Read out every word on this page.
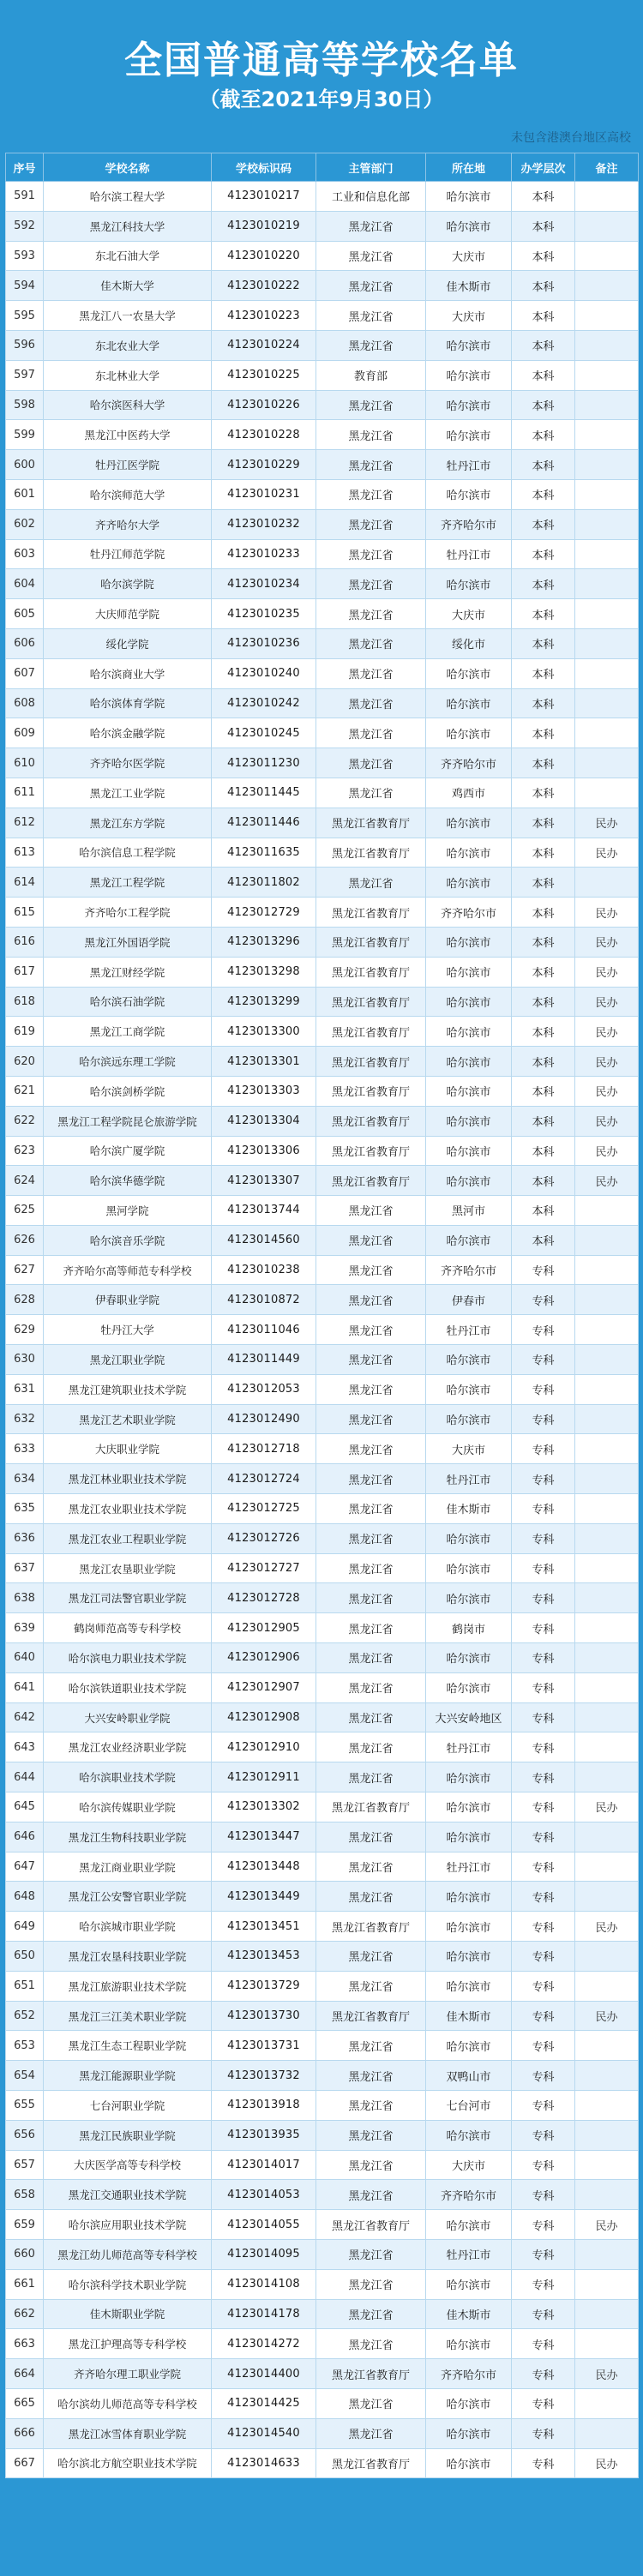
全国普通高等学校名单
（截至2021年9月30日）
未包含港澳台地区高校
序号	学校名称	学校标识码	主管部门	所在地	办学层次	备注
591	哈尔滨工程大学	4123010217	工业和信息化部	哈尔滨市	本科	
592	黑龙江科技大学	4123010219	黑龙江省	哈尔滨市	本科	
593	东北石油大学	4123010220	黑龙江省	大庆市	本科	
594	佳木斯大学	4123010222	黑龙江省	佳木斯市	本科	
595	黑龙江八一农垦大学	4123010223	黑龙江省	大庆市	本科	
596	东北农业大学	4123010224	黑龙江省	哈尔滨市	本科	
597	东北林业大学	4123010225	教育部	哈尔滨市	本科	
598	哈尔滨医科大学	4123010226	黑龙江省	哈尔滨市	本科	
599	黑龙江中医药大学	4123010228	黑龙江省	哈尔滨市	本科	
600	牡丹江医学院	4123010229	黑龙江省	牡丹江市	本科	
601	哈尔滨师范大学	4123010231	黑龙江省	哈尔滨市	本科	
602	齐齐哈尔大学	4123010232	黑龙江省	齐齐哈尔市	本科	
603	牡丹江师范学院	4123010233	黑龙江省	牡丹江市	本科	
604	哈尔滨学院	4123010234	黑龙江省	哈尔滨市	本科	
605	大庆师范学院	4123010235	黑龙江省	大庆市	本科	
606	绥化学院	4123010236	黑龙江省	绥化市	本科	
607	哈尔滨商业大学	4123010240	黑龙江省	哈尔滨市	本科	
608	哈尔滨体育学院	4123010242	黑龙江省	哈尔滨市	本科	
609	哈尔滨金融学院	4123010245	黑龙江省	哈尔滨市	本科	
610	齐齐哈尔医学院	4123011230	黑龙江省	齐齐哈尔市	本科	
611	黑龙江工业学院	4123011445	黑龙江省	鸡西市	本科	
612	黑龙江东方学院	4123011446	黑龙江省教育厅	哈尔滨市	本科	民办
613	哈尔滨信息工程学院	4123011635	黑龙江省教育厅	哈尔滨市	本科	民办
614	黑龙江工程学院	4123011802	黑龙江省	哈尔滨市	本科	
615	齐齐哈尔工程学院	4123012729	黑龙江省教育厅	齐齐哈尔市	本科	民办
616	黑龙江外国语学院	4123013296	黑龙江省教育厅	哈尔滨市	本科	民办
617	黑龙江财经学院	4123013298	黑龙江省教育厅	哈尔滨市	本科	民办
618	哈尔滨石油学院	4123013299	黑龙江省教育厅	哈尔滨市	本科	民办
619	黑龙江工商学院	4123013300	黑龙江省教育厅	哈尔滨市	本科	民办
620	哈尔滨远东理工学院	4123013301	黑龙江省教育厅	哈尔滨市	本科	民办
621	哈尔滨剑桥学院	4123013303	黑龙江省教育厅	哈尔滨市	本科	民办
622	黑龙江工程学院昆仑旅游学院	4123013304	黑龙江省教育厅	哈尔滨市	本科	民办
623	哈尔滨广厦学院	4123013306	黑龙江省教育厅	哈尔滨市	本科	民办
624	哈尔滨华德学院	4123013307	黑龙江省教育厅	哈尔滨市	本科	民办
625	黑河学院	4123013744	黑龙江省	黑河市	本科	
626	哈尔滨音乐学院	4123014560	黑龙江省	哈尔滨市	本科	
627	齐齐哈尔高等师范专科学校	4123010238	黑龙江省	齐齐哈尔市	专科	
628	伊春职业学院	4123010872	黑龙江省	伊春市	专科	
629	牡丹江大学	4123011046	黑龙江省	牡丹江市	专科	
630	黑龙江职业学院	4123011449	黑龙江省	哈尔滨市	专科	
631	黑龙江建筑职业技术学院	4123012053	黑龙江省	哈尔滨市	专科	
632	黑龙江艺术职业学院	4123012490	黑龙江省	哈尔滨市	专科	
633	大庆职业学院	4123012718	黑龙江省	大庆市	专科	
634	黑龙江林业职业技术学院	4123012724	黑龙江省	牡丹江市	专科	
635	黑龙江农业职业技术学院	4123012725	黑龙江省	佳木斯市	专科	
636	黑龙江农业工程职业学院	4123012726	黑龙江省	哈尔滨市	专科	
637	黑龙江农垦职业学院	4123012727	黑龙江省	哈尔滨市	专科	
638	黑龙江司法警官职业学院	4123012728	黑龙江省	哈尔滨市	专科	
639	鹤岗师范高等专科学校	4123012905	黑龙江省	鹤岗市	专科	
640	哈尔滨电力职业技术学院	4123012906	黑龙江省	哈尔滨市	专科	
641	哈尔滨铁道职业技术学院	4123012907	黑龙江省	哈尔滨市	专科	
642	大兴安岭职业学院	4123012908	黑龙江省	大兴安岭地区	专科	
643	黑龙江农业经济职业学院	4123012910	黑龙江省	牡丹江市	专科	
644	哈尔滨职业技术学院	4123012911	黑龙江省	哈尔滨市	专科	
645	哈尔滨传媒职业学院	4123013302	黑龙江省教育厅	哈尔滨市	专科	民办
646	黑龙江生物科技职业学院	4123013447	黑龙江省	哈尔滨市	专科	
647	黑龙江商业职业学院	4123013448	黑龙江省	牡丹江市	专科	
648	黑龙江公安警官职业学院	4123013449	黑龙江省	哈尔滨市	专科	
649	哈尔滨城市职业学院	4123013451	黑龙江省教育厅	哈尔滨市	专科	民办
650	黑龙江农垦科技职业学院	4123013453	黑龙江省	哈尔滨市	专科	
651	黑龙江旅游职业技术学院	4123013729	黑龙江省	哈尔滨市	专科	
652	黑龙江三江美术职业学院	4123013730	黑龙江省教育厅	佳木斯市	专科	民办
653	黑龙江生态工程职业学院	4123013731	黑龙江省	哈尔滨市	专科	
654	黑龙江能源职业学院	4123013732	黑龙江省	双鸭山市	专科	
655	七台河职业学院	4123013918	黑龙江省	七台河市	专科	
656	黑龙江民族职业学院	4123013935	黑龙江省	哈尔滨市	专科	
657	大庆医学高等专科学校	4123014017	黑龙江省	大庆市	专科	
658	黑龙江交通职业技术学院	4123014053	黑龙江省	齐齐哈尔市	专科	
659	哈尔滨应用职业技术学院	4123014055	黑龙江省教育厅	哈尔滨市	专科	民办
660	黑龙江幼儿师范高等专科学校	4123014095	黑龙江省	牡丹江市	专科	
661	哈尔滨科学技术职业学院	4123014108	黑龙江省	哈尔滨市	专科	
662	佳木斯职业学院	4123014178	黑龙江省	佳木斯市	专科	
663	黑龙江护理高等专科学校	4123014272	黑龙江省	哈尔滨市	专科	
664	齐齐哈尔理工职业学院	4123014400	黑龙江省教育厅	齐齐哈尔市	专科	民办
665	哈尔滨幼儿师范高等专科学校	4123014425	黑龙江省	哈尔滨市	专科	
666	黑龙江冰雪体育职业学院	4123014540	黑龙江省	哈尔滨市	专科	
667	哈尔滨北方航空职业技术学院	4123014633	黑龙江省教育厅	哈尔滨市	专科	民办
